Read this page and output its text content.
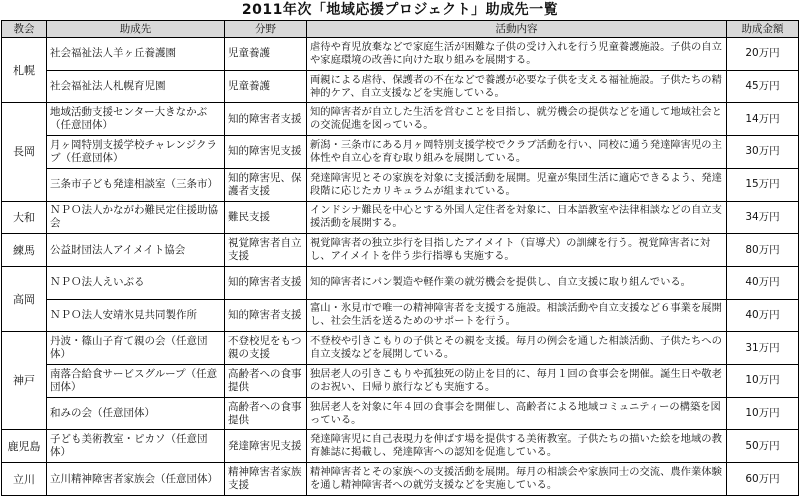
2011年次「地域応援プロジェクト」助成先一覧
教会	助成先	分野	活動内容	助成金額
札幌	社会福祉法人羊ヶ丘養護園	児童養護	虐待や育児放棄などで家庭生活が困難な子供の受け入れを行う児童養護施設。子供の自立や家庭環境の改善に向けた取り組みを展開する。	20万円
	社会福祉法人札幌育児園	児童養護	両親による虐待、保護者の不在などで養護が必要な子供を支える福祉施設。子供たちの精神的ケア、自立支援などを実施している。	45万円
長岡	地域活動支援センター大きなかぶ（任意団体）	知的障害者支援	知的障害者が自立した生活を営むことを目指し、就労機会の提供などを通して地域社会との交流促進を図っている。	14万円
	月ヶ岡特別支援学校チャレンジクラブ（任意団体）	知的障害児支援	新潟・三条市にある月ヶ岡特別支援学校でクラブ活動を行い、同校に通う発達障害児の主体性や自立心を育む取り組みを展開している。	30万円
	三条市子ども発達相談室（三条市）	知的障害児、保護者支援	発達障害児とその家族を対象に支援活動を展開。児童が集団生活に適応できるよう、発達段階に応じたカリキュラムが組まれている。	15万円
大和	ＮＰＯ法人かながわ難民定住援助協会	難民支援	インドシナ難民を中心とする外国人定住者を対象に、日本語教室や法律相談などの自立支援活動を展開する。	34万円
練馬	公益財団法人アイメイト協会	視覚障害者自立支援	視覚障害者の独立歩行を目指したアイメイト（盲導犬）の訓練を行う。視覚障害者に対し、アイメイトを伴う歩行指導も実施する。	80万円
高岡	ＮＰＯ法人えいぶる	知的障害者支援	知的障害者にパン製造や軽作業の就労機会を提供し、自立支援に取り組んでいる。	40万円
	ＮＰＯ法人安靖氷見共同製作所	知的障害者支援	富山・氷見市で唯一の精神障害者を支援する施設。相談活動や自立支援など６事業を展開し、社会生活を送るためのサポートを行う。	40万円
神戸	丹波・篠山子育て親の会（任意団体）	不登校児をもつ親の支援	不登校や引きこもりの子供とその親を支援。毎月の例会を通した相談活動、子供たちへの自立支援などを展開している。	31万円
	南落合給食サービスグループ（任意団体）	高齢者への食事提供	独居老人の引きこもりや孤独死の防止を目的に、毎月１回の食事会を開催。誕生日や敬老のお祝い、日帰り旅行なども実施する。	10万円
	和みの会（任意団体）	高齢者への食事提供	独居老人を対象に年４回の食事会を開催し、高齢者による地域コミュニティーの構築を図っている。	10万円
鹿児島	子ども美術教室・ピカソ（任意団体）	発達障害児支援	発達障害児に自己表現力を伸ばす場を提供する美術教室。子供たちの描いた絵を地域の教育雑誌に掲載し、発達障害への認知を促進している。	50万円
立川	立川精神障害者家族会（任意団体）	精神障害者家族支援	精神障害者とその家族への支援活動を展開。毎月の相談会や家族同士の交流、農作業体験を通し精神障害者への就労支援などを実施している。	60万円
